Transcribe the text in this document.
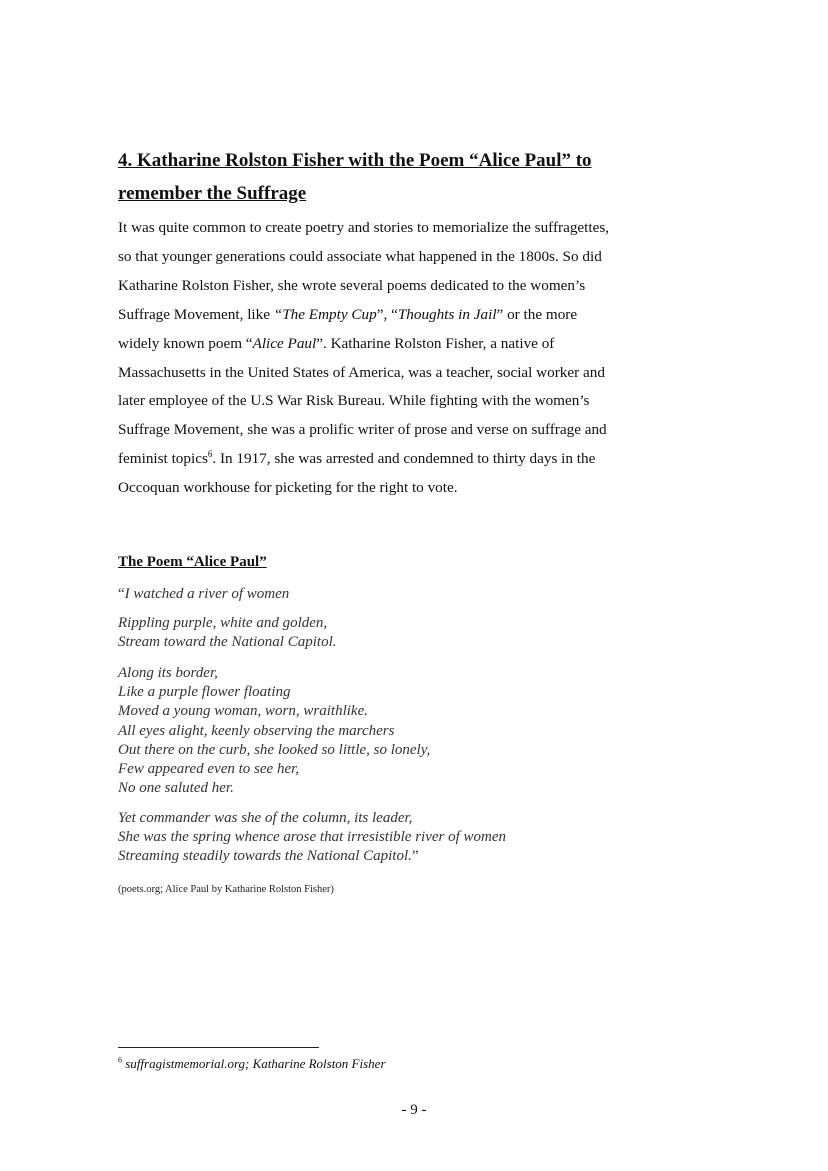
4. Katharine Rolston Fisher with the Poem “Alice Paul” to
remember the Suffrage

It was quite common to create poetry and stories to memorialize the suffragettes,
so that younger generations could associate what happened in the 1800s. So did
Katharine Rolston Fisher, she wrote several poems dedicated to the women’s
Suffrage Movement, like “The Empty Cup”, “Thoughts in Jail” or the more
widely known poem “Alice Paul”. Katharine Rolston Fisher, a native of
Massachusetts in the United States of America, was a teacher, social worker and
later employee of the U.S War Risk Bureau. While fighting with the women’s
Suffrage Movement, she was a prolific writer of prose and verse on suffrage and
feminist topics$^6$. In 1917, she was arrested and condemned to thirty days in the
Occoquan workhouse for picketing for the right to vote.

The Poem “Alice Paul”

“I watched a river of women

Rippling purple, white and golden,
Stream toward the National Capitol.

Along its border,
Like a purple flower floating
Moved a young woman, worn, wraithlike.
All eyes alight, keenly observing the marchers
Out there on the curb, she looked so little, so lonely,
Few appeared even to see her,
No one saluted her.

Yet commander was she of the column, its leader,
She was the spring whence arose that irresistible river of women
Streaming steadily towards the National Capitol.”

(poets.org; Alice Paul by Katharine Rolston Fisher)

$^6$ suffragistmemorial.org; Katharine Rolston Fisher

- 9 -
